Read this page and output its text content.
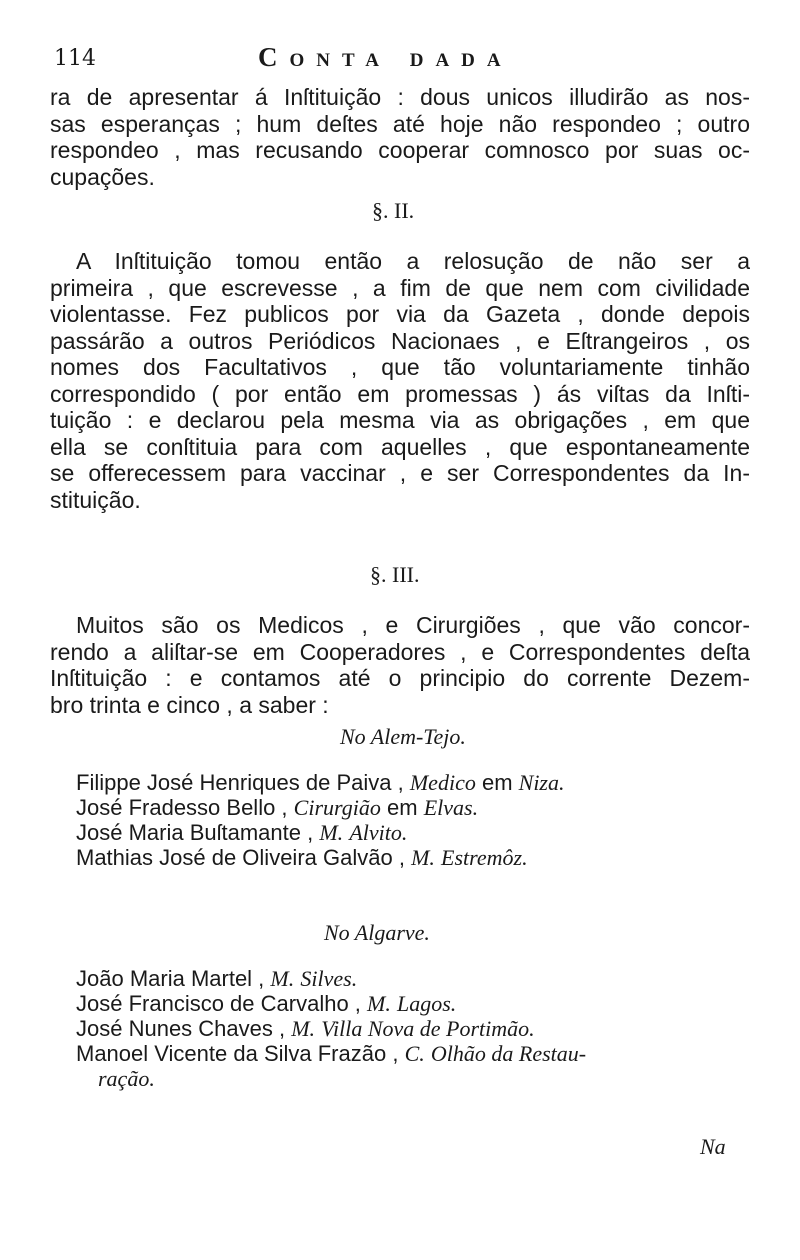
114	Conta dada
ra de apresentar á Inſtituição : dous unicos illudirão as nos-
sas esperanças ; hum deſtes até hoje não respondeo ; outro
respondeo , mas recusando cooperar comnosco por suas oc-
cupações.
§. II.
A Inſtituição tomou então a relosução de não ser a
primeira , que escrevesse , a fim de que nem com civilidade
violentasse. Fez publicos por via da Gazeta , donde depois
passárão a outros Periódicos Nacionaes , e Eſtrangeiros , os
nomes dos Facultativos , que tão voluntariamente tinhão
correspondido ( por então em promessas ) ás viſtas da Inſti-
tuição : e declarou pela mesma via as obrigações , em que
ella se conſtituia para com aquelles , que espontaneamente
se offerecessem para vaccinar , e ser Correspondentes da In-
stituição.
§. III.
Muitos são os Medicos , e Cirurgiões , que vão concor-
rendo a aliſtar-se em Cooperadores , e Correspondentes deſta
Inſtituição : e contamos até o principio do corrente Dezem-
bro trinta e cinco , a saber :
No Alem-Tejo.
Filippe José Henriques de Paiva , Medico em Niza.
José Fradesso Bello , Cirurgião em Elvas.
José Maria Buſtamante , M. Alvito.
Mathias José de Oliveira Galvão , M. Estremôz.
No Algarve.
João Maria Martel , M. Silves.
José Francisco de Carvalho , M. Lagos.
José Nunes Chaves , M. Villa Nova de Portimão.
Manoel Vicente da Silva Frazão , C. Olhão da Restau-
ração.
Na
